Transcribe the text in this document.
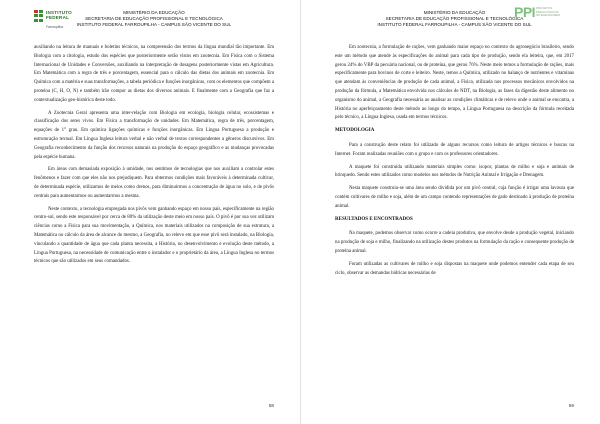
INSTITUTO
FEDERAL
Farroupilha
MINISTÉRIO DA EDUCAÇÃO
SECRETARIA DE EDUCAÇÃO PROFISSIONAL E TECNOLÓGICA
INSTITUTO FEDERAL FARROUPILHA - CAMPUS SÃO VICENTE DO SUL

auxiliando na leitura de manuais e boletins técnicos, na compreensão dos termos da língua mundial tão importante. Em Biologia com a citologia, estudo dos espécies que posteriormente serão vistos em zootecnia. Em Física com o Sistema Internacional de Unidades e Conversões, auxiliando na interpretação de dosagens posteriormente vistas em Agricultura. Em Matemática com a regra de três e porcentagem, essencial para o cálculo das dietas dos animais em zootecnia. Em Química com a matéria e suas transformações, a tabela periódica e funções inorgânicas, com os elementos que compõem a proteína (C, H, O, N) e também irão compor as dietas dos diversos animais. E finalmente com a Geografia que faz a contextualização geo-histórica deste todo.

A Zootecnia Geral apresenta uma inter-relação com Biologia em ecologia, biologia celular, ecossistemas e classificação dos seres vivos. Em Física a transformação de unidades. Em Matemática, regra de três, porcentagem, equações de 1° grau. Em química ligações químicas e funções inorgânicas. Em Língua Portuguesa a produção e estruturação textual. Em Língua Inglesa leitura verbal e não verbal de textos correspondentes a gêneros discursivos. Em Geografia reconhecimento da função dos recursos naturais na produção do espaço geográfico e as mudanças provocadas pela espécie humana.

Em áreas com demasiada exposição à umidade, nos sentimos de tecnologias que nos auxiliam a controlar estes fenômenos e fazer com que eles não nos prejudiquem. Para obtermos condições mais favoráveis à determinada cultivar, de determinada espécie, utilizamos de meios como drenos, para diminuirmos a concentração de água no solo, e de pivôs centrais para aumentarmos ou aumentarmos a mesma.

Neste contexto, a tecnologia empregada nos pivôs vem ganhando espaço em nosso país, especificamente na região centro-sul, sendo este responsável por cerca de 80% da utilização deste meio em nosso país. O pivô é por sua vez utilizam ciências como a Física para sua movimentação, a Química, nos materiais utilizados na composição de sua estrutura, a Matemática no cálculo da área de alcance do mesmo, a Geografia, no relevo em que esse pivô será instalado, na Biologia, vinculando a quantidade de água que cada planta necessita, a História, no desenvolvimento e evolução deste método, a Língua Portuguesa, na necessidade de comunicação entre o instalador e o proprietário da área, a Língua Inglesa no termos técnicos que são utilizados em seus comandados.

58
MINISTÉRIO DA EDUCAÇÃO
SECRETARIA DE EDUCAÇÃO PROFISSIONAL E TECNOLÓGICA
INSTITUTO FEDERAL FARROUPILHA - CAMPUS SÃO VICENTE DO SUL
PPI PROJETOS PEDAGÓGICOS INTEGRADORES

Em zootecnia, a formulação de rações, vem ganhando maior espaço no contexto do agronegócio brasileiro, sendo este um método que atende às especificações do animal para cada tipo de produção, sendo ela leiteira, que, em 2017 gerou 24% do VBP da pecuária nacional, ou de proteína, que gerou 76%. Neste meio temos a formulação de rações, mais especificamente para bovinos de corte e leiteiro. Neste, temos a Química, utilizado no balanço de nutrientes e vitaminas que atendam às conveniências de produção de cada animal, a Física, utilizada nos processos mecânicos envolvidos na produção da fórmula, a Matemática envolvida nos cálculos de NDT, na Biologia, as fases da digestão deste alimento no organismo do animal, a Geografia necessária ao analisar as condições climáticas e de relevo onde o animal se encontra, a História no aperfeiçoamento deste método ao longo do tempo, a Língua Portuguesa na descrição da fórmula receitada pelo técnico, a Língua Inglesa, usada em termos técnicos.

METODOLOGIA

Para a construção deste relato foi utilizado de alguns recursos como leitura de artigos técnicos e buscas na Internet. Foram realizadas reuniões com o grupo e com os professores orientadores.

A maquete foi construída utilizando materiais simples como: isopor, plantas de milho e soja e animais de brinquedo. Sendo estes utilizados como modelos nos métodos de Nutrição Animal e Irrigação e Drenagem.

Nesta maquete construiu-se uma área sendo dividida por um pivô central, cuja função é irrigar uma lavoura que contém cultivares de milho e soja, além de um campo contendo representações de gado destinado à produção de proteína animal.

RESULTADOS E ENCONTRADOS

Na maquete, podemos observar como ocorre a cadeia produtiva, que envolve desde a produção vegetal, iniciando na produção de soja e milho, finalizando na utilização destes produtos na formulação da ração e consequente produção de proteína animal.

Foram utilizadas as cultivares de milho e soja dispostas na maquete onde podemos entender cada etapa de seu ciclo, observar as demandas hídricas necessárias de

59
